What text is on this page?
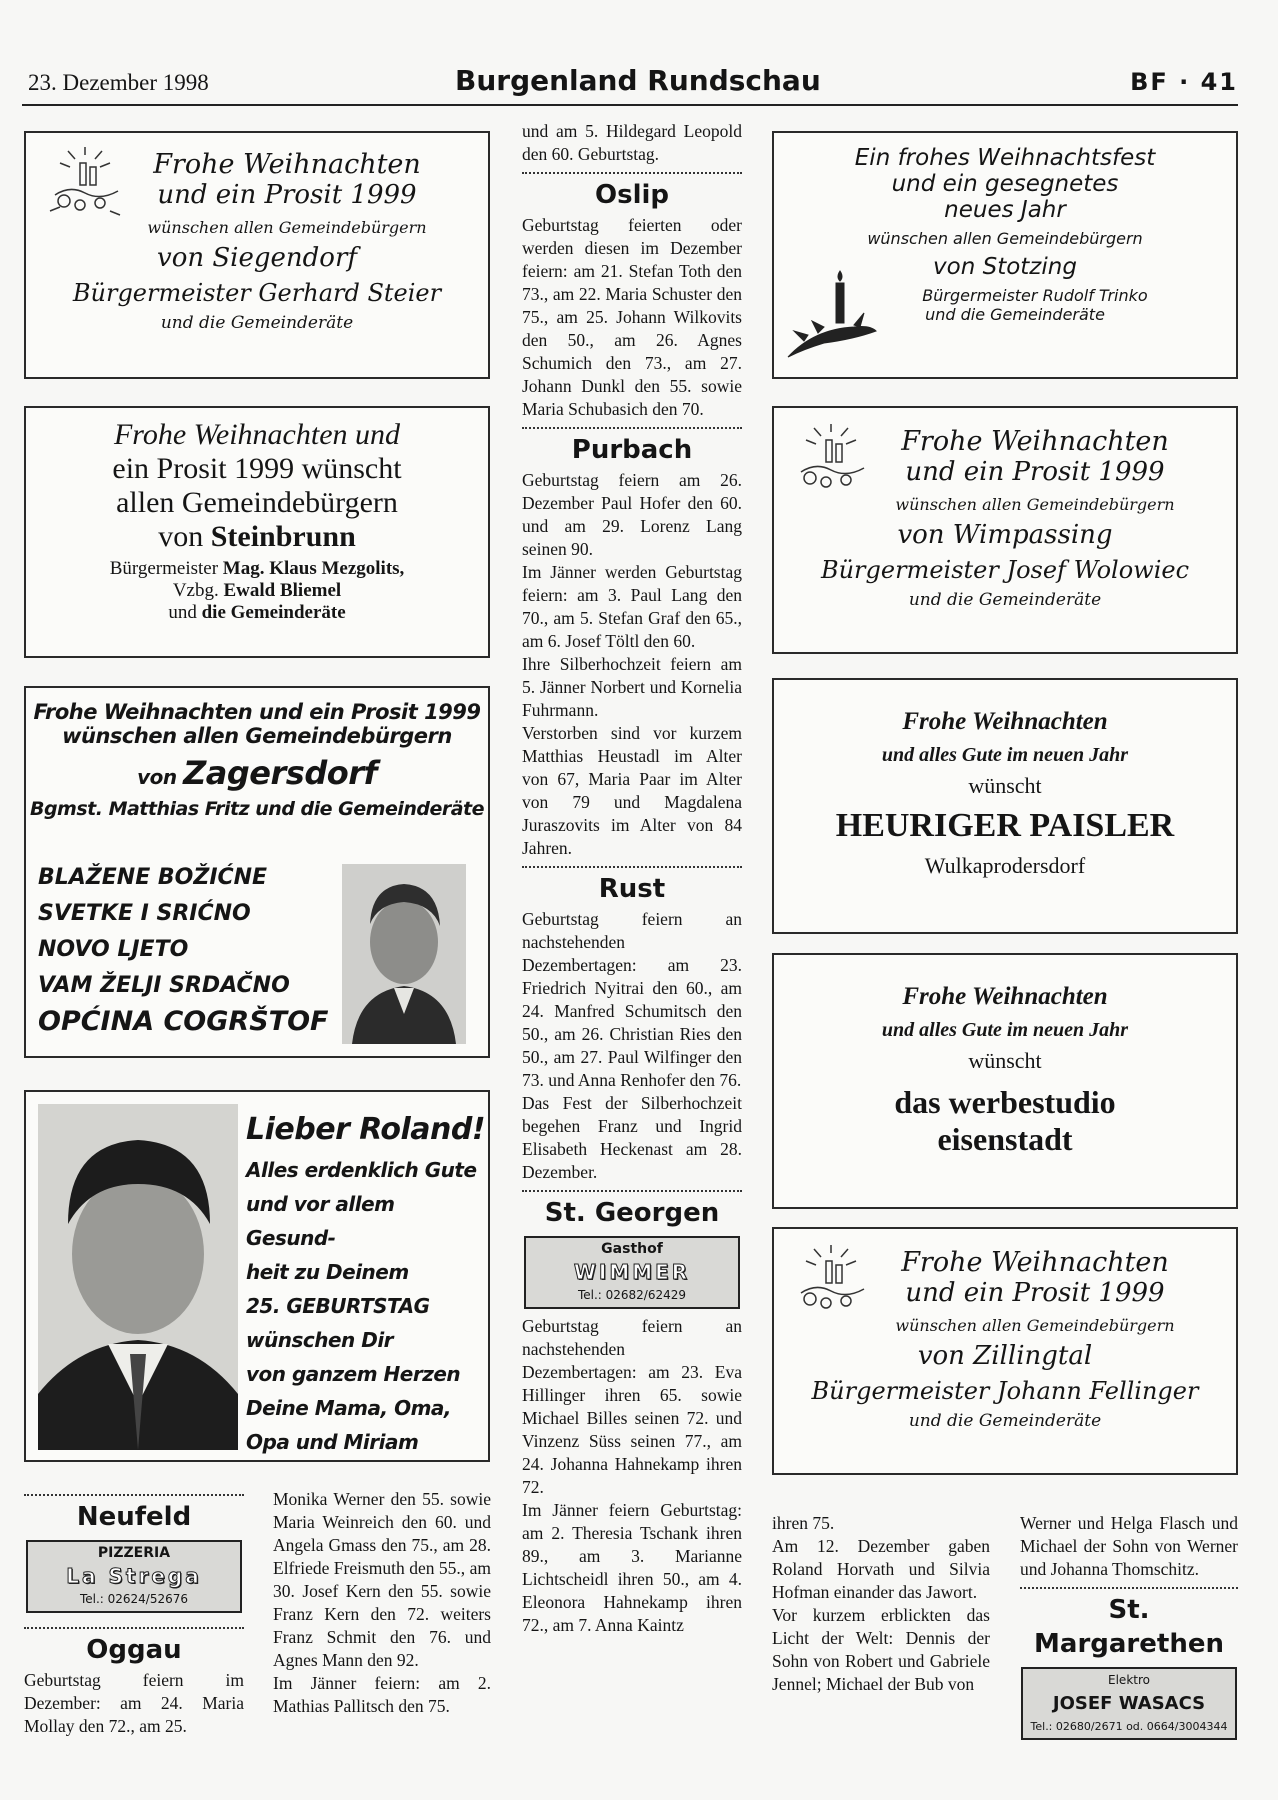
23. Dezember 1998	Burgenland Rundschau	BF · 41
Frohe Weihnachten
und ein Prosit 1999
wünschen allen Gemeindebürgern
von Siegendorf
Bürgermeister Gerhard Steier
und die Gemeinderäte
Frohe Weihnachten und
ein Prosit 1999 wünscht
allen Gemeindebürgern
von Steinbrunn
Bürgermeister Mag. Klaus Mezgolits,
Vzbg. Ewald Bliemel
und die Gemeinderäte
Frohe Weihnachten und ein Prosit 1999
wünschen allen Gemeindebürgern
von Zagersdorf
Bgmst. Matthias Fritz und die Gemeinderäte
BLAŽENE BOŽIĆNE
SVETKE I SRIĆNO
NOVO LJETO
VAM ŽELJI SRDAČNO
OPĆINA COGRŠTOF
Lieber Roland!
Alles erdenklich Gute
und vor allem Gesund-
heit zu Deinem
25. GEBURTSTAG
wünschen Dir
von ganzem Herzen
Deine Mama, Oma,
Opa und Miriam
Ein frohes Weihnachtsfest
und ein gesegnetes
neues Jahr
wünschen allen Gemeindebürgern
von Stotzing
Bürgermeister Rudolf Trinko
und die Gemeinderäte
Frohe Weihnachten
und ein Prosit 1999
wünschen allen Gemeindebürgern
von Wimpassing
Bürgermeister Josef Wolowiec
und die Gemeinderäte
Frohe Weihnachten
und alles Gute im neuen Jahr
wünscht
HEURIGER PAISLER
Wulkaprodersdorf
Frohe Weihnachten
und alles Gute im neuen Jahr
wünscht
das werbestudio
eisenstadt
Frohe Weihnachten
und ein Prosit 1999
wünschen allen Gemeindebürgern
von Zillingtal
Bürgermeister Johann Fellinger
und die Gemeinderäte

und am 5. Hildegard Leopold den 60. Geburtstag.

Oslip

Geburtstag feierten oder werden diesen im Dezember feiern: am 21. Stefan Toth den 73., am 22. Maria Schuster den 75., am 25. Johann Wilkovits den 50., am 26. Agnes Schumich den 73., am 27. Johann Dunkl den 55. sowie Maria Schubasich den 70.

Purbach

Geburtstag feiern am 26. Dezember Paul Hofer den 60. und am 29. Lorenz Lang seinen 90.

Im Jänner werden Geburtstag feiern: am 3. Paul Lang den 70., am 5. Stefan Graf den 65., am 6. Josef Töltl den 60.

Ihre Silberhochzeit feiern am 5. Jänner Norbert und Kornelia Fuhrmann.

Verstorben sind vor kurzem Matthias Heustadl im Alter von 67, Maria Paar im Alter von 79 und Magdalena Juraszovits im Alter von 84 Jahren.

Rust

Geburtstag feiern an nachstehenden Dezembertagen: am 23. Friedrich Nyitrai den 60., am 24. Manfred Schumitsch den 50., am 26. Christian Ries den 50., am 27. Paul Wilfinger den 73. und Anna Renhofer den 76.

Das Fest der Silberhochzeit begehen Franz und Ingrid Elisabeth Heckenast am 28. Dezember.

St. Georgen
Gasthof
WIMMER
Tel.: 02682/62429

Geburtstag feiern an nachstehenden Dezembertagen: am 23. Eva Hillinger ihren 65. sowie Michael Billes seinen 72. und Vinzenz Süss seinen 77., am 24. Johanna Hahnekamp ihren 72.

Im Jänner feiern Geburtstag: am 2. Theresia Tschank ihren 89., am 3. Marianne Lichtscheidl ihren 50., am 4. Eleonora Hahnekamp ihren 72., am 7. Anna Kaintz

Neufeld
PIZZERIA
La Strega
Tel.: 02624/52676
Oggau

Geburtstag feiern im Dezember: am 24. Maria Mollay den 72., am 25.

Monika Werner den 55. sowie Maria Weinreich den 60. und Angela Gmass den 75., am 28. Elfriede Freismuth den 55., am 30. Josef Kern den 55. sowie Franz Kern den 72. weiters Franz Schmit den 76. und Agnes Mann den 92.

Im Jänner feiern: am 2. Mathias Pallitsch den 75.

ihren 75.

Am 12. Dezember gaben Roland Horvath und Silvia Hofman einander das Jawort.

Vor kurzem erblickten das Licht der Welt: Dennis der Sohn von Robert und Gabriele Jennel; Michael der Bub von

Werner und Helga Flasch und Michael der Sohn von Werner und Johanna Thomschitz.

St. Margarethen
Elektro
JOSEF WASACS
Tel.: 02680/2671 od. 0664/3004344
